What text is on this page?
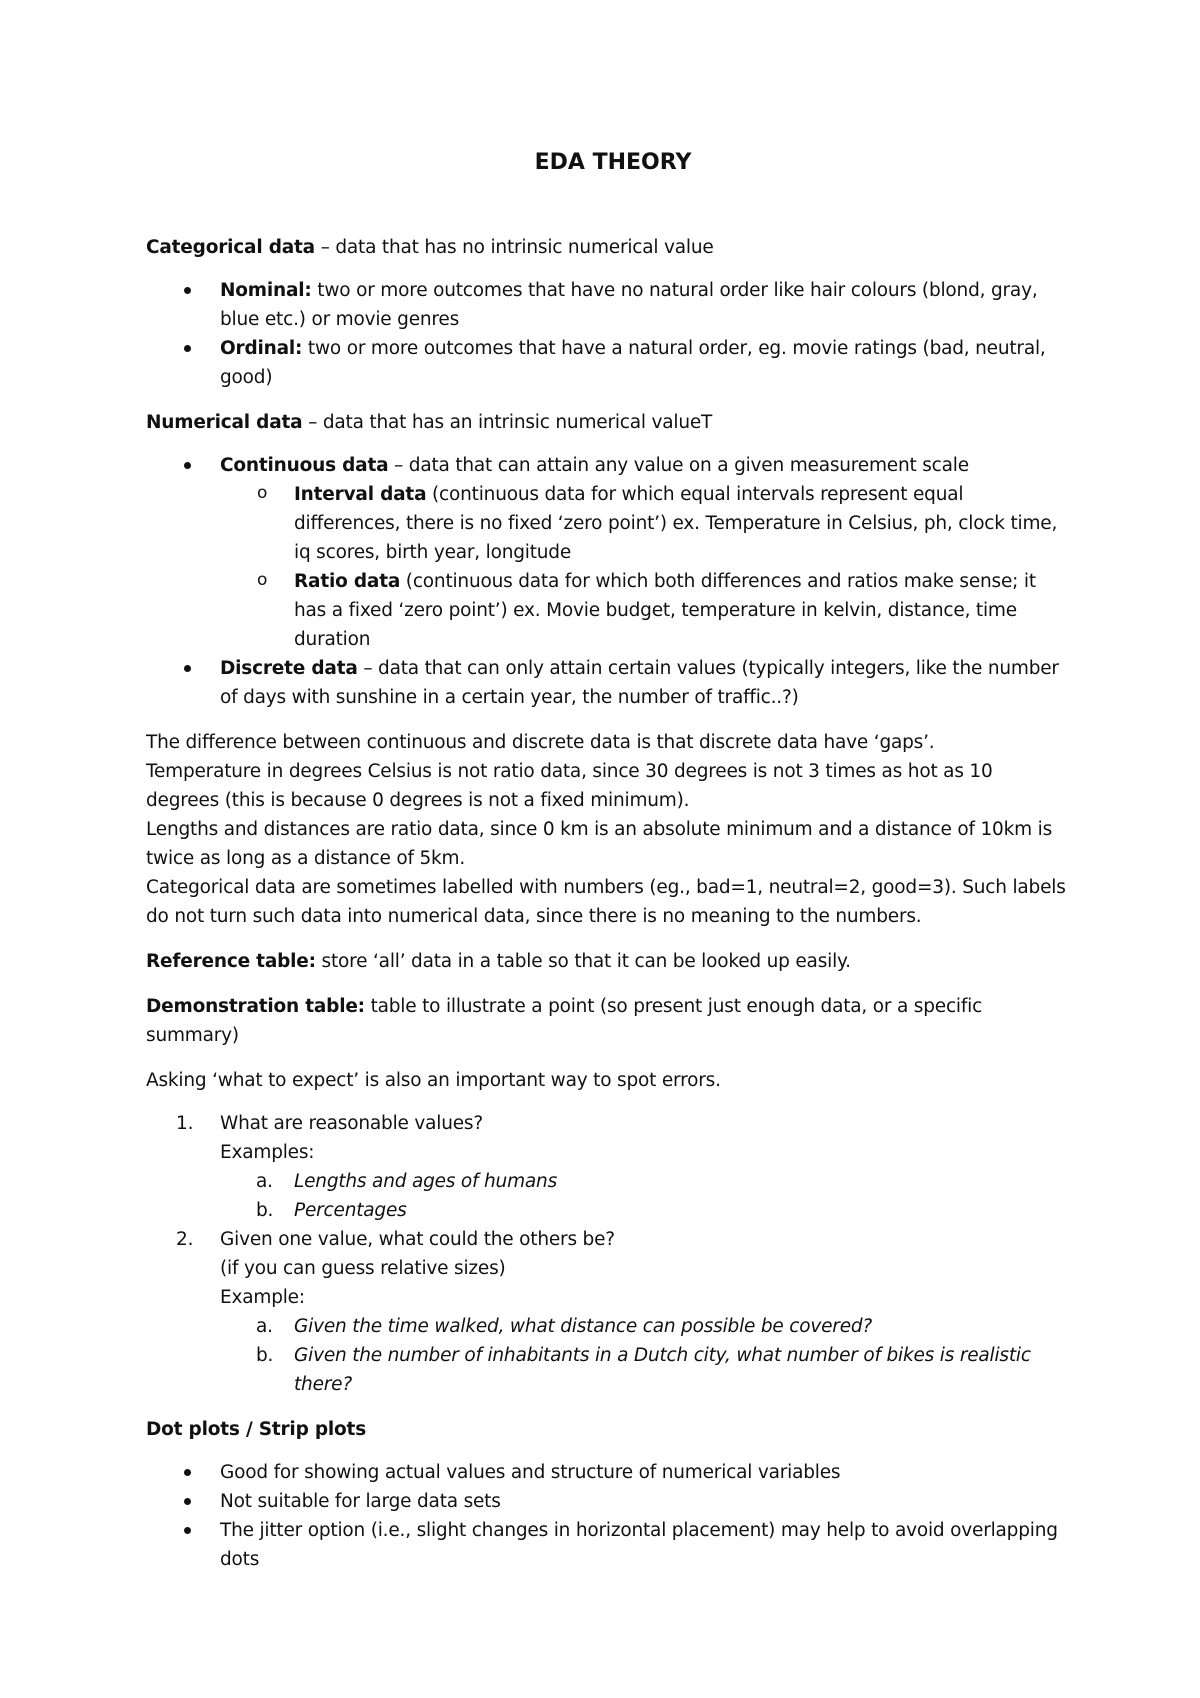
EDA THEORY

Categorical data – data that has no intrinsic numerical value

Nominal: two or more outcomes that have no natural order like hair colours (blond, gray, blue etc.) or movie genres
Ordinal: two or more outcomes that have a natural order, eg. movie ratings (bad, neutral, good)

Numerical data – data that has an intrinsic numerical valueT

Continuous data – data that can attain any value on a given measurement scale
o Interval data (continuous data for which equal intervals represent equal differences, there is no fixed ‘zero point’) ex. Temperature in Celsius, ph, clock time, iq scores, birth year, longitude
o Ratio data (continuous data for which both differences and ratios make sense; it has a fixed ‘zero point’) ex. Movie budget, temperature in kelvin, distance, time duration
Discrete data – data that can only attain certain values (typically integers, like the number of days with sunshine in a certain year, the number of traffic..?)
The difference between continuous and discrete data is that discrete data have ‘gaps’.
Temperature in degrees Celsius is not ratio data, since 30 degrees is not 3 times as hot as 10 degrees (this is because 0 degrees is not a fixed minimum).
Lengths and distances are ratio data, since 0 km is an absolute minimum and a distance of 10km is twice as long as a distance of 5km.
Categorical data are sometimes labelled with numbers (eg., bad=1, neutral=2, good=3). Such labels do not turn such data into numerical data, since there is no meaning to the numbers.

Reference table: store ‘all’ data in a table so that it can be looked up easily.

Demonstration table: table to illustrate a point (so present just enough data, or a specific summary)

Asking ‘what to expect’ is also an important way to spot errors.

1. What are reasonable values?
Examples:
a. Lengths and ages of humans
b. Percentages
2. Given one value, what could the others be?
(if you can guess relative sizes)
Example:
a. Given the time walked, what distance can possible be covered?
b. Given the number of inhabitants in a Dutch city, what number of bikes is realistic there?

Dot plots / Strip plots

Good for showing actual values and structure of numerical variables
Not suitable for large data sets
The jitter option (i.e., slight changes in horizontal placement) may help to avoid overlapping dots
